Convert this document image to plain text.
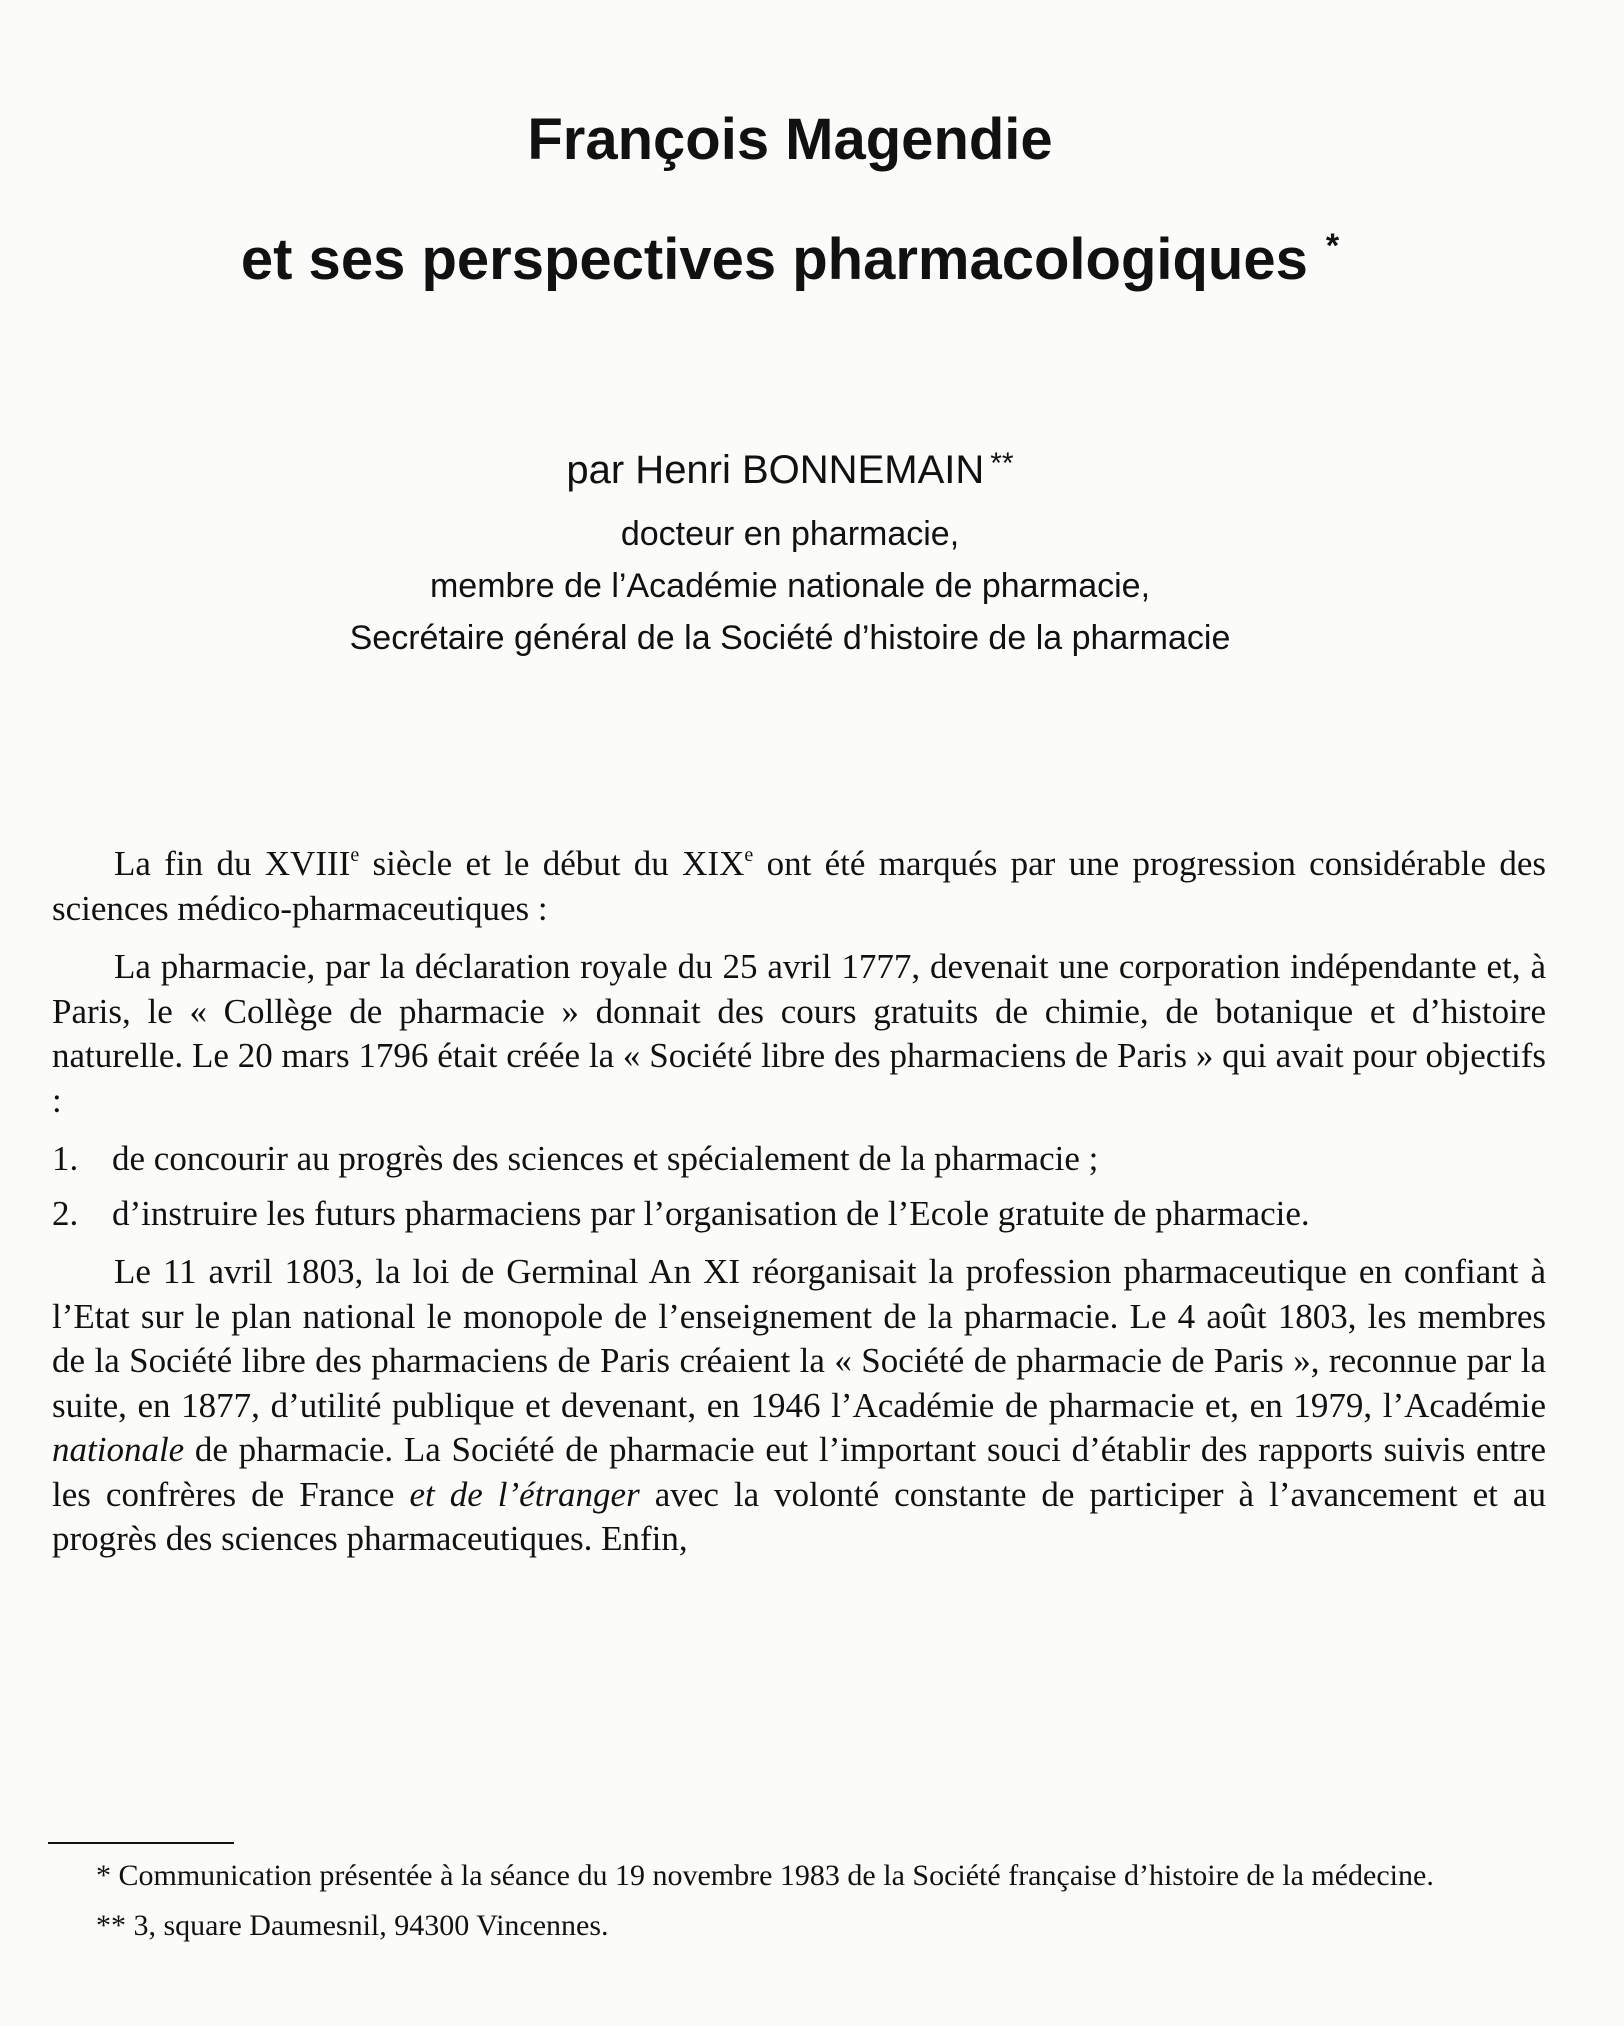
François Magendie
et ses perspectives pharmacologiques *
par Henri BONNEMAIN **
docteur en pharmacie,
membre de l’Académie nationale de pharmacie,
Secrétaire général de la Société d’histoire de la pharmacie

La fin du XVIIIe siècle et le début du XIXe ont été marqués par une progression considérable des sciences médico-pharmaceutiques :

La pharmacie, par la déclaration royale du 25 avril 1777, devenait une corporation indépendante et, à Paris, le « Collège de pharmacie » donnait des cours gratuits de chimie, de botanique et d’histoire naturelle. Le 20 mars 1796 était créée la « Société libre des pharmaciens de Paris » qui avait pour objectifs :

1. de concourir au progrès des sciences et spécialement de la pharmacie ;
2. d’instruire les futurs pharmaciens par l’organisation de l’Ecole gratuite de pharmacie.

Le 11 avril 1803, la loi de Germinal An XI réorganisait la profession pharmaceutique en confiant à l’Etat sur le plan national le monopole de l’enseignement de la pharmacie. Le 4 août 1803, les membres de la Société libre des pharmaciens de Paris créaient la « Société de pharmacie de Paris », reconnue par la suite, en 1877, d’utilité publique et devenant, en 1946 l’Académie de pharmacie et, en 1979, l’Académie nationale de pharmacie. La Société de pharmacie eut l’important souci d’établir des rapports suivis entre les confrères de France et de l’étranger avec la volonté constante de participer à l’avancement et au progrès des sciences pharmaceutiques. Enfin,

* Communication présentée à la séance du 19 novembre 1983 de la Société française d’histoire de la médecine.

** 3, square Daumesnil, 94300 Vincennes.
